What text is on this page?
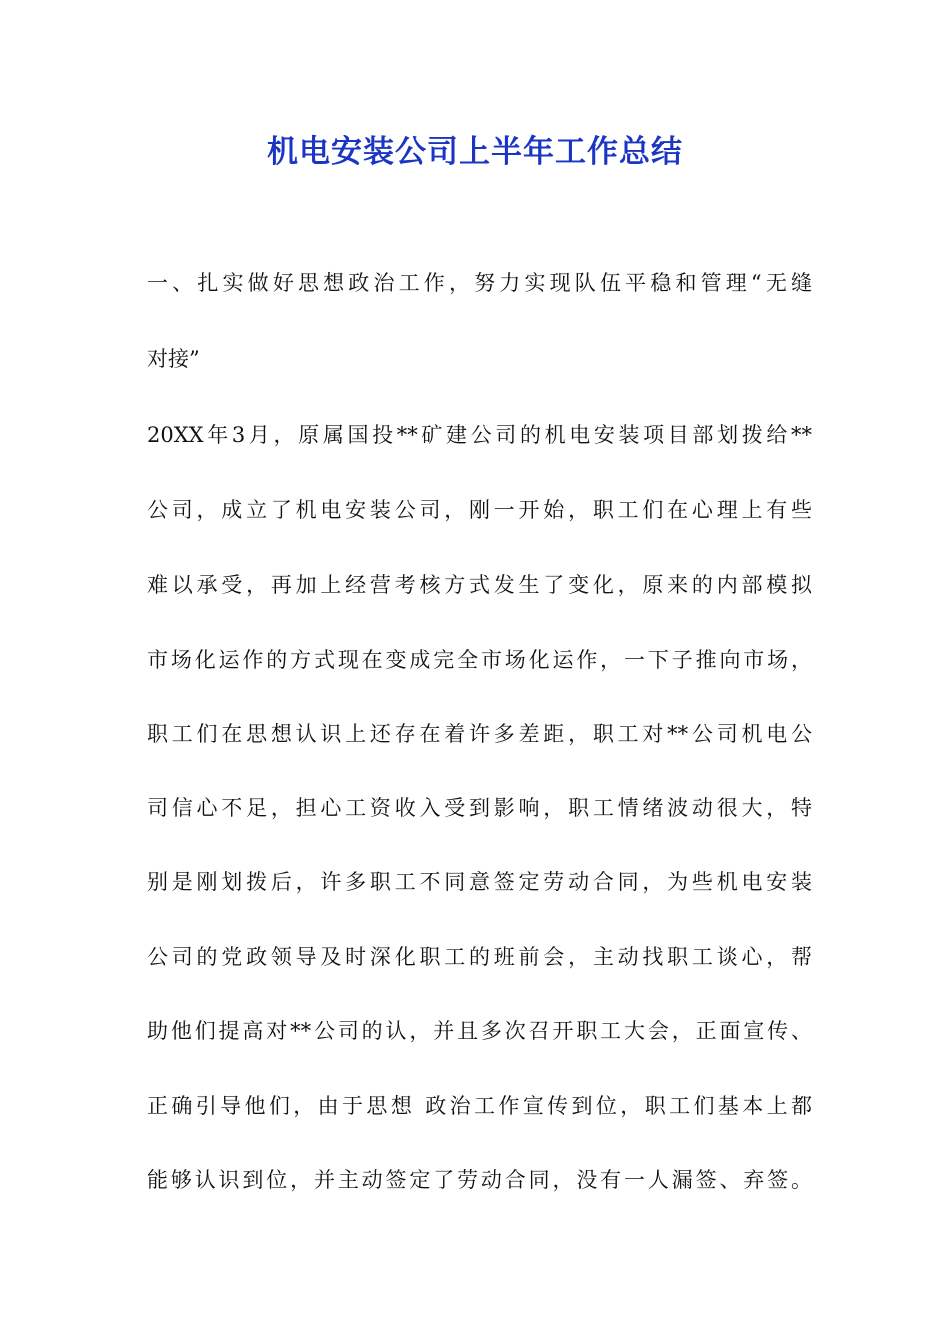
机电安装公司上半年工作总结
一、扎实做好思想政治工作，努力实现队伍平稳和管理“无缝
对接”
20XX年3月，原属国投**矿建公司的机电安装项目部划拨给**
公司，成立了机电安装公司，刚一开始，职工们在心理上有些
难以承受，再加上经营考核方式发生了变化，原来的内部模拟
市场化运作的方式现在变成完全市场化运作，一下子推向市场，
职工们在思想认识上还存在着许多差距，职工对**公司机电公
司信心不足，担心工资收入受到影响，职工情绪波动很大，特
别是刚划拨后，许多职工不同意签定劳动合同，为些机电安装
公司的党政领导及时深化职工的班前会，主动找职工谈心，帮
助他们提高对**公司的认，并且多次召开职工大会，正面宣传、
正确引导他们，由于思想 政治工作宣传到位，职工们基本上都
能够认识到位，并主动签定了劳动合同，没有一人漏签、弃签。
